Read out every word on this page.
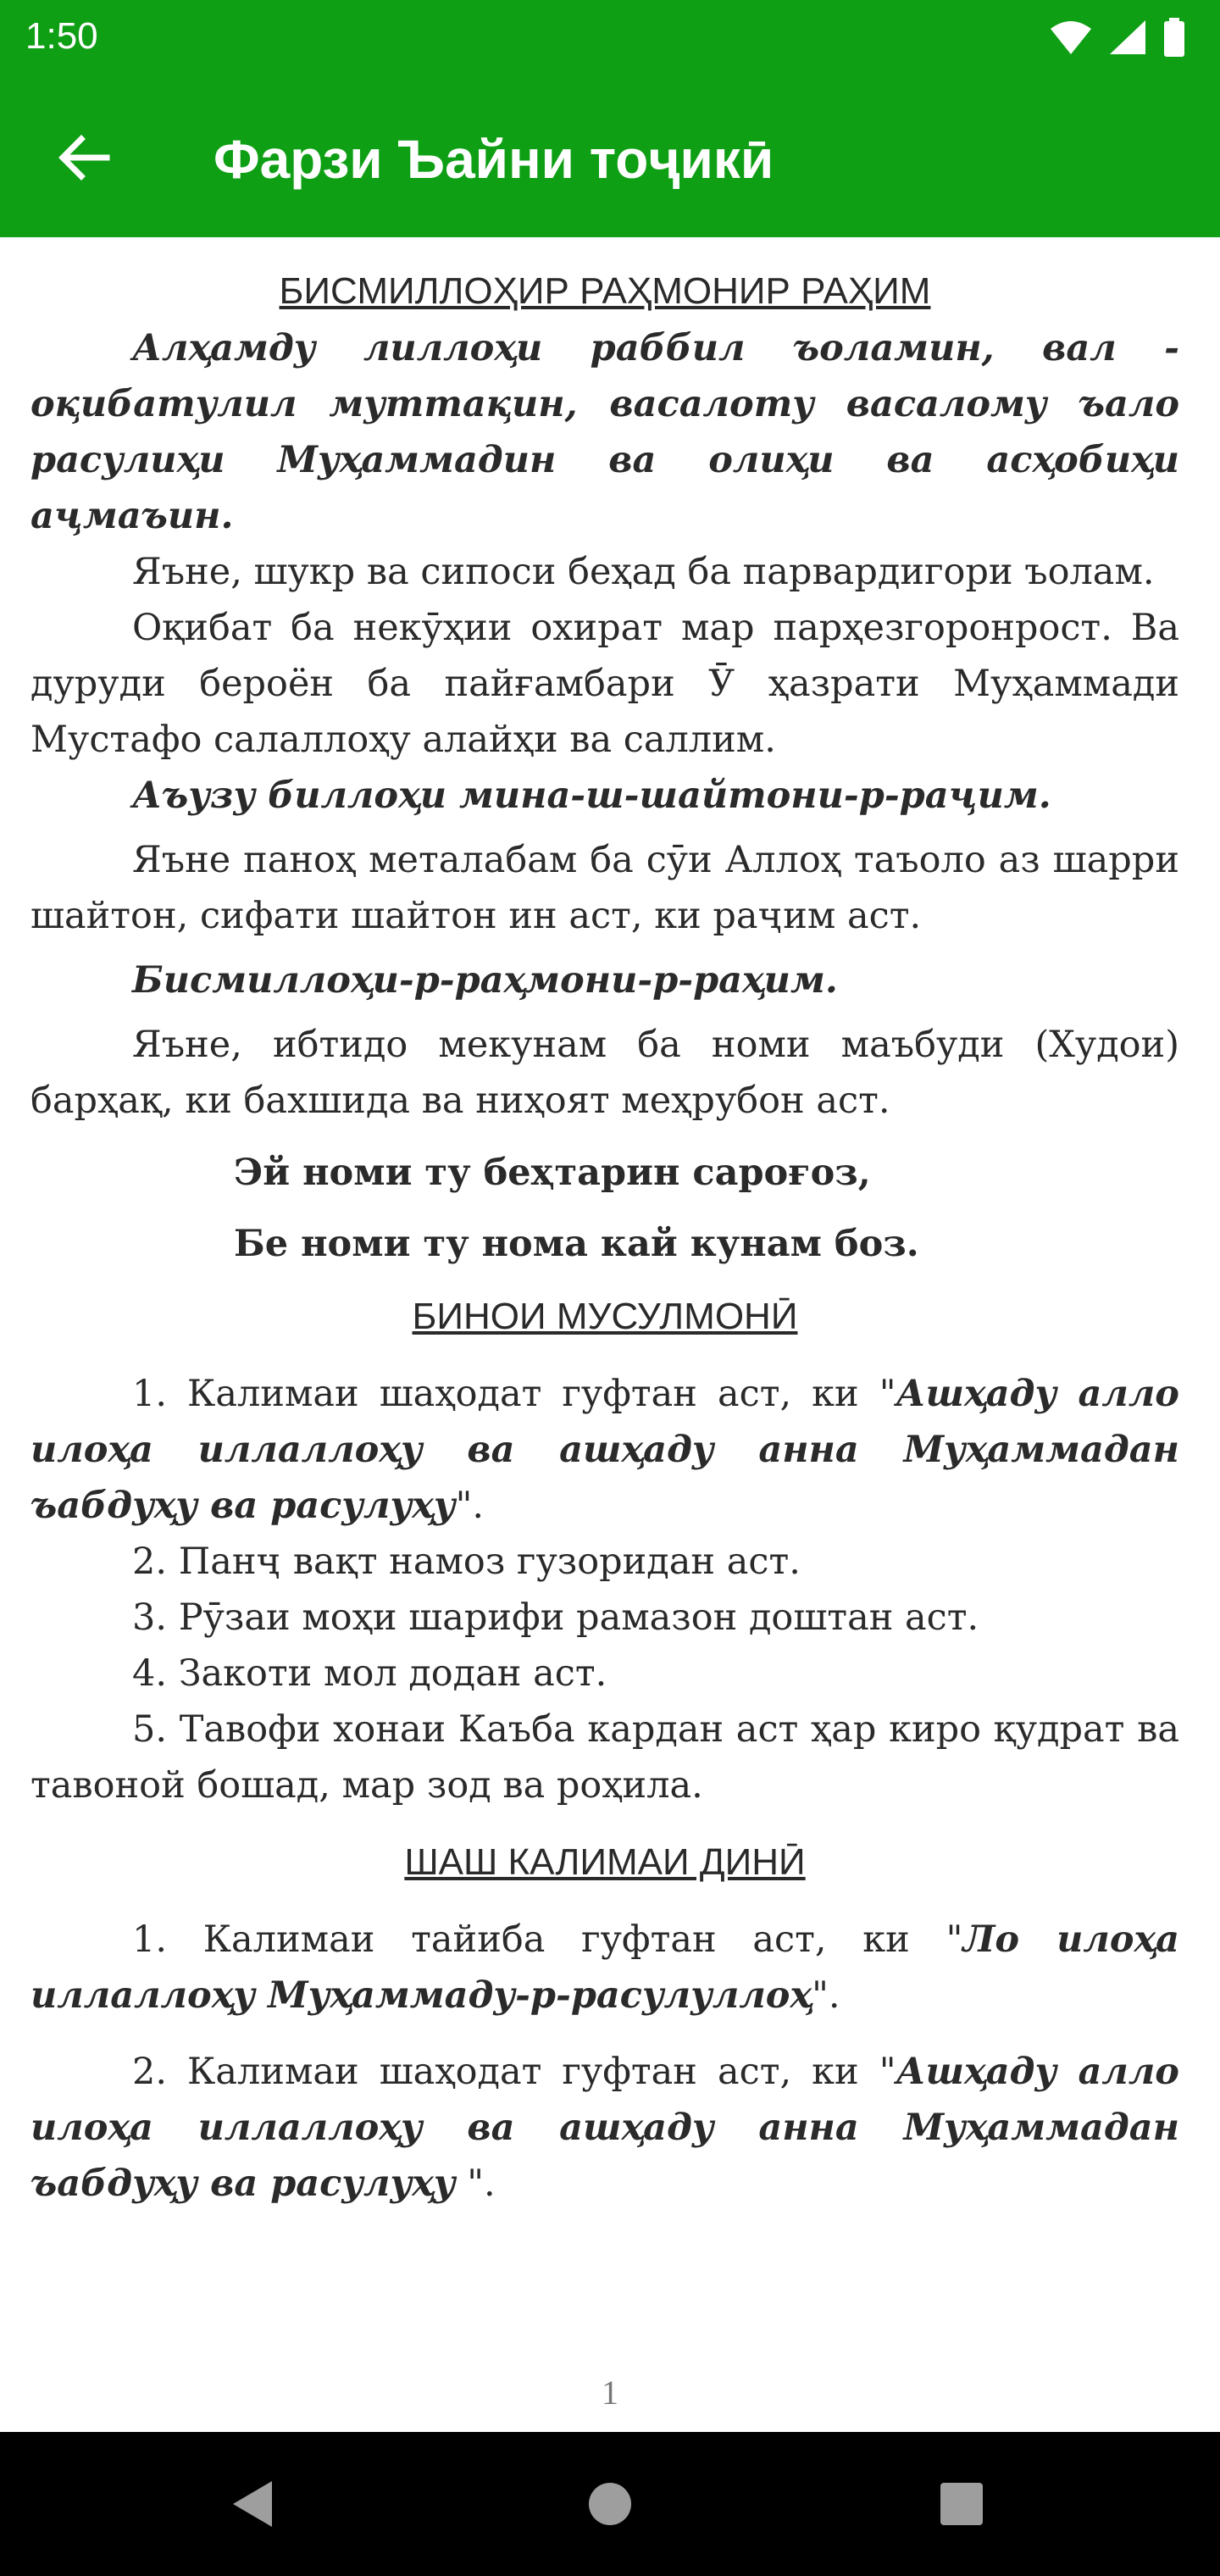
1:50
Фарзи Ъайни тоҷикӣ

БИСМИЛЛОҲИР РАҲМОНИР РАҲИМ

Алҳамду лиллоҳи раббил ъоламин, вал - оқибатулил муттақин, васалоту васаломy ъало расулиҳи Муҳаммадин ва олиҳи ва асҳобиҳи аҷмаъин.

Яъне, шукр ва сипоси беҳад ба парвардигори ъолам.

Оқибат ба некӯҳии охират мар парҳезгоронрост. Ва дуруди бероён ба пайғамбари Ӯ ҳазрати Муҳаммади Мустафо салаллоҳу алайҳи ва саллим.

Аъузу биллоҳи мина-ш-шайтони-р-раҷим.

Яъне паноҳ металабам ба сӯи Аллоҳ таъоло аз шарри шайтон, сифати шайтон ин аст, ки раҷим аст.

Бисмиллоҳи-р-раҳмони-р-раҳим.

Яъне, ибтидо мекунам ба номи маъбуди (Худои) барҳақ, ки бахшида ва ниҳоят меҳрубон аст.

Эй номи ту беҳтарин сароғоз,

Бе номи ту нома кай кунам боз.

БИНОИ МУСУЛМОНӢ

1. Калимаи шаҳодат гуфтан аст, ки "Ашҳаду алло илоҳа иллаллоҳу ва ашҳаду анна Муҳаммадан ъабдуҳу ва расулуҳу".

2. Панҷ вақт намоз гузоридан аст.

3. Рӯзаи моҳи шарифи рамазон доштан аст.

4. Закоти мол додан аст.

5. Тавофи хонаи Каъба кардан аст ҳар киро қудрат ва тавоной бошад, мар зод ва роҳила.

ШАШ КАЛИМАИ ДИНӢ

1. Калимаи тайиба гуфтан аст, ки "Ло илоҳа иллаллоҳу Муҳаммаду-р-расулуллоҳ".

2. Калимаи шаҳодат гуфтан аст, ки "Ашҳаду алло илоҳа иллаллоҳу ва ашҳаду анна Муҳаммадан ъабдуҳу ва расулуҳу ".

1
